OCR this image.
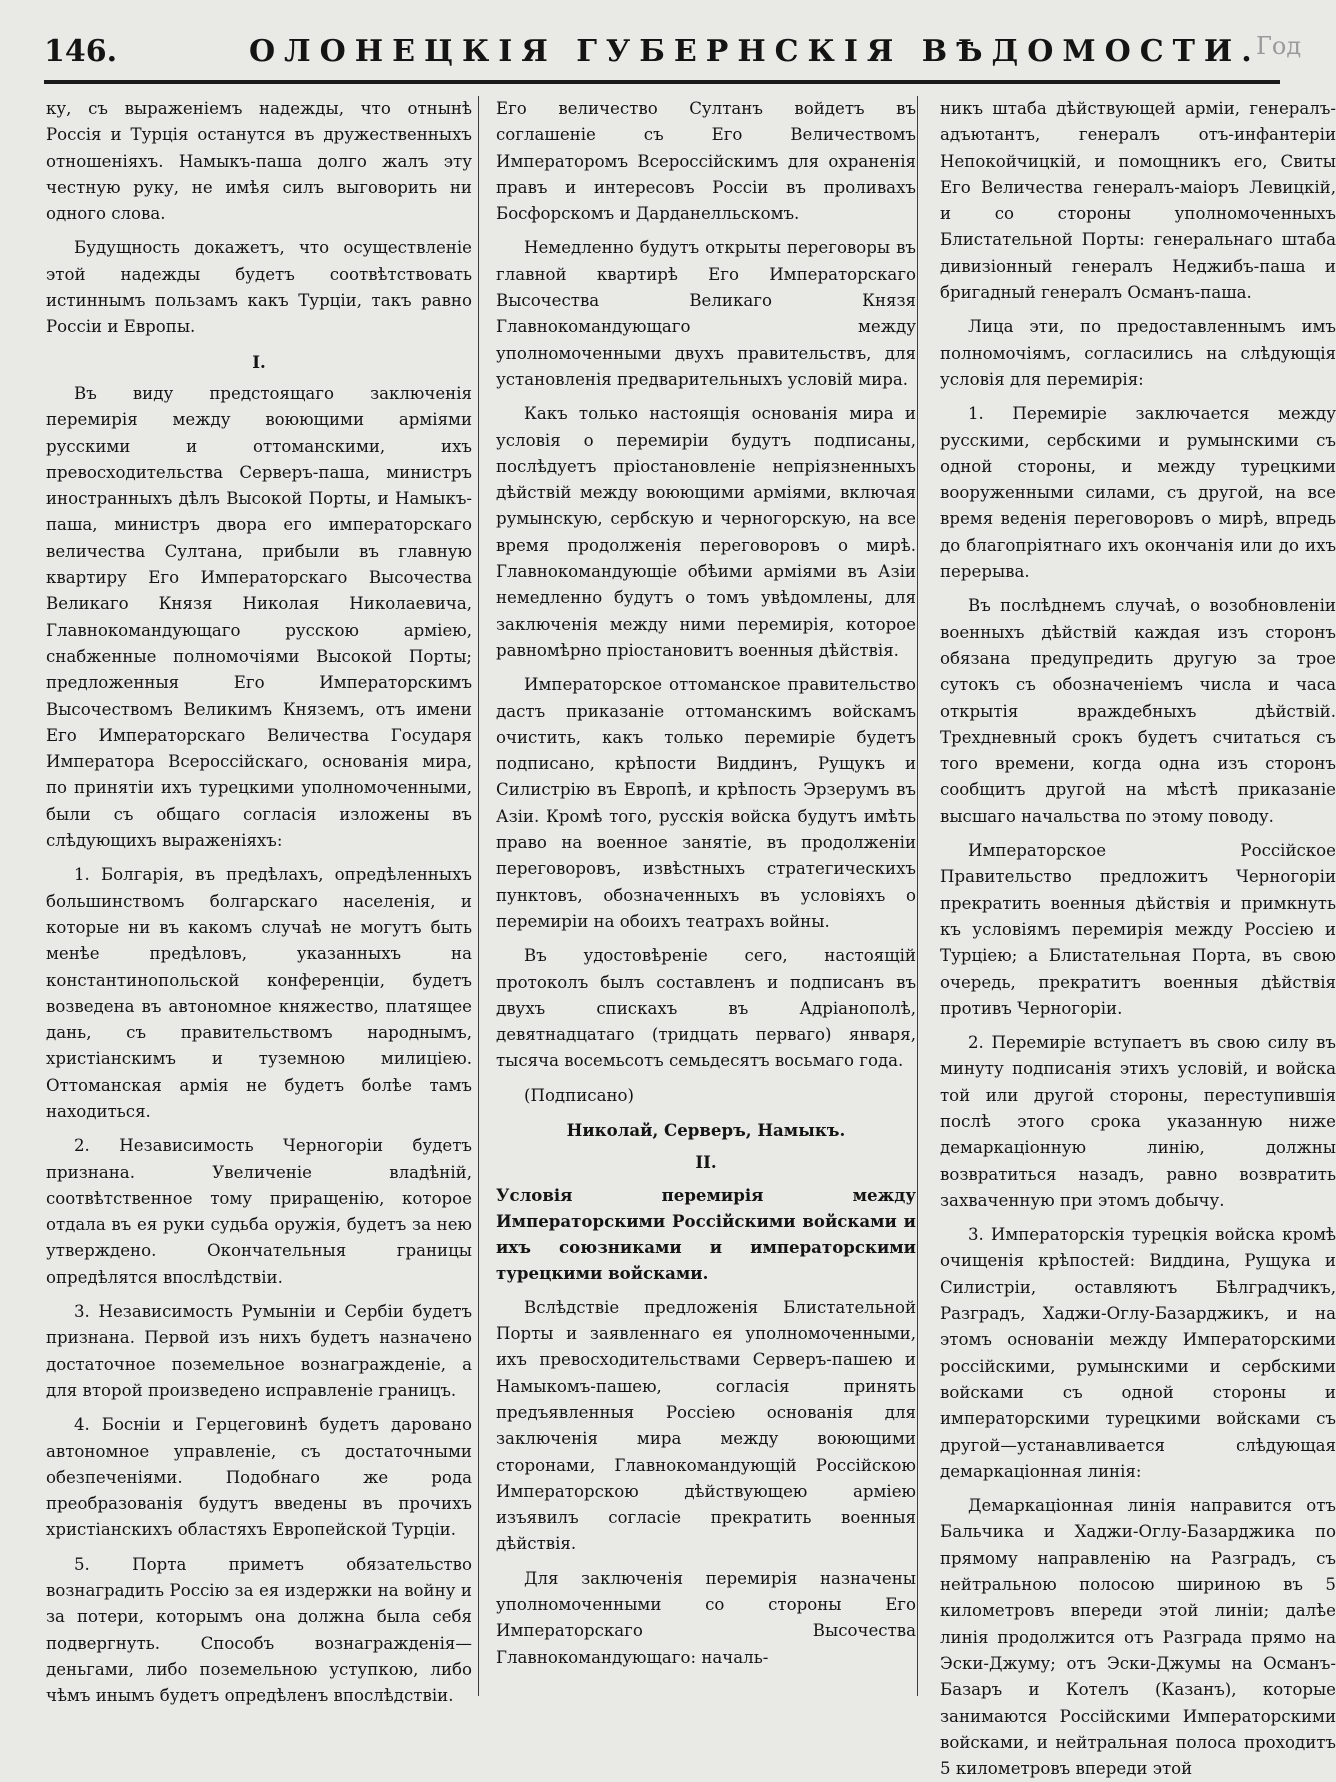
146.	ОЛОНЕЦКІЯ ГУБЕРНСКІЯ ВѢДОМОСТИ.
Год

ку, съ выраженіемъ надежды, что отнынѣ Россія и Турція останутся въ дружественныхъ отношеніяхъ. Намыкъ-паша долго жалъ эту честную руку, не имѣя силъ выговорить ни одного слова.

Будущность докажетъ, что осуществленіе этой надежды будетъ соотвѣтствовать истиннымъ пользамъ какъ Турціи, такъ равно Россіи и Европы.

I.

Въ виду предстоящаго заключенія перемирія между воюющими арміями русскими и оттоманскими, ихъ превосходительства Серверъ-паша, министръ иностранныхъ дѣлъ Высокой Порты, и Намыкъ-паша, министръ двора его императорскаго величества Султана, прибыли въ главную квартиру Его Императорскаго Высочества Великаго Князя Николая Николаевича, Главнокомандующаго русскою арміею, снабженные полномочіями Высокой Порты; предложенныя Его Императорскимъ Высочествомъ Великимъ Княземъ, отъ имени Его Императорскаго Величества Государя Императора Всероссійскаго, основанія мира, по принятіи ихъ турецкими уполномоченными, были съ общаго согласія изложены въ слѣдующихъ выраженіяхъ:

1. Болгарія, въ предѣлахъ, опредѣленныхъ большинствомъ болгарскаго населенія, и которые ни въ какомъ случаѣ не могутъ быть менѣе предѣловъ, указанныхъ на константинопольской конференціи, будетъ возведена въ автономное княжество, платящее дань, съ правительствомъ народнымъ, христіанскимъ и туземною милиціею. Оттоманская армія не будетъ болѣе тамъ находиться.

2. Независимость Черногоріи будетъ признана. Увеличеніе владѣній, соотвѣтственное тому приращенію, которое отдала въ ея руки судьба оружія, будетъ за нею утверждено. Окончательныя границы опредѣлятся впослѣдствіи.

3. Независимость Румыніи и Сербіи будетъ признана. Первой изъ нихъ будетъ назначено достаточное поземельное вознагражденіе, а для второй произведено исправленіе границъ.

4. Босніи и Герцеговинѣ будетъ даровано автономное управленіе, съ достаточными обезпеченіями. Подобнаго же рода преобразованія будутъ введены въ прочихъ христіанскихъ областяхъ Европейской Турціи.

5. Порта приметъ обязательство вознаградить Россію за ея издержки на войну и за потери, которымъ она должна была себя подвергнуть. Способъ вознагражденія—деньгами, либо поземельною уступкою, либо чѣмъ инымъ будетъ опредѣленъ впослѣдствіи.

Его величество Султанъ войдетъ въ соглашеніе съ Его Величествомъ Императоромъ Всероссійскимъ для охраненія правъ и интересовъ Россіи въ проливахъ Босфорскомъ и Дарданелльскомъ.

Немедленно будутъ открыты переговоры въ главной квартирѣ Его Императорскаго Высочества Великаго Князя Главнокомандующаго между уполномоченными двухъ правительствъ, для установленія предварительныхъ условій мира.

Какъ только настоящія основанія мира и условія о перемиріи будутъ подписаны, послѣдуетъ пріостановленіе непріязненныхъ дѣйствій между воюющими арміями, включая румынскую, сербскую и черногорскую, на все время продолженія переговоровъ о мирѣ. Главнокомандующіе обѣими арміями въ Азіи немедленно будутъ о томъ увѣдомлены, для заключенія между ними перемирія, которое равномѣрно пріостановитъ военныя дѣйствія.

Императорское оттоманское правительство дастъ приказаніе оттоманскимъ войскамъ очистить, какъ только перемиріе будетъ подписано, крѣпости Виддинъ, Рущукъ и Силистрію въ Европѣ, и крѣпость Эрзерумъ въ Азіи. Кромѣ того, русскія войска будутъ имѣть право на военное занятіе, въ продолженіи переговоровъ, извѣстныхъ стратегическихъ пунктовъ, обозначенныхъ въ условіяхъ о перемиріи на обоихъ театрахъ войны.

Въ удостовѣреніе сего, настоящій протоколъ былъ составленъ и подписанъ въ двухъ спискахъ въ Адріанополѣ, девятнадцатаго (тридцать перваго) января, тысяча восемьсотъ семьдесятъ восьмаго года.

(Подписано)
Николай, Серверъ, Намыкъ.
II.
Условія перемирія между Императорскими Россійскими войсками и ихъ союзниками и императорскими турецкими войсками.

Вслѣдствіе предложенія Блистательной Порты и заявленнаго ея уполномоченными, ихъ превосходительствами Серверъ-пашею и Намыкомъ-пашею, согласія принять предъявленныя Россіею основанія для заключенія мира между воюющими сторонами, Главнокомандующій Россійскою Императорскою дѣйствующею арміею изъявилъ согласіе прекратить военныя дѣйствія.

Для заключенія перемирія назначены уполномоченными со стороны Его Императорскаго Высочества Главнокомандующаго: началь-

никъ штаба дѣйствующей арміи, генералъ-адъютантъ, генералъ отъ-инфантеріи Непокойчицкій, и помощникъ его, Свиты Его Величества генералъ-маіоръ Левицкій, и со стороны уполномоченныхъ Блистательной Порты: генеральнаго штаба дивизіонный генералъ Неджибъ-паша и бригадный генералъ Османъ-паша.

Лица эти, по предоставленнымъ имъ полномочіямъ, согласились на слѣдующія условія для перемирія:

1. Перемиріе заключается между русскими, сербскими и румынскими съ одной стороны, и между турецкими вооруженными силами, съ другой, на все время веденія переговоровъ о мирѣ, впредь до благопріятнаго ихъ окончанія или до ихъ перерыва.

Въ послѣднемъ случаѣ, о возобновленіи военныхъ дѣйствій каждая изъ сторонъ обязана предупредить другую за трое сутокъ съ обозначеніемъ числа и часа открытія враждебныхъ дѣйствій. Трехдневный срокъ будетъ считаться съ того времени, когда одна изъ сторонъ сообщитъ другой на мѣстѣ приказаніе высшаго начальства по этому поводу.

Императорское Россійское Правительство предложитъ Черногоріи прекратить военныя дѣйствія и примкнуть къ условіямъ перемирія между Россіею и Турціею; а Блистательная Порта, въ свою очередь, прекратитъ военныя дѣйствія противъ Черногоріи.

2. Перемиріе вступаетъ въ свою силу въ минуту подписанія этихъ условій, и войска той или другой стороны, переступившія послѣ этого срока указанную ниже демаркаціонную линію, должны возвратиться назадъ, равно возвратить захваченную при этомъ добычу.

3. Императорскія турецкія войска кромѣ очищенія крѣпостей: Виддина, Рущука и Силистріи, оставляютъ Бѣлградчикъ, Разградъ, Хаджи-Оглу-Базарджикъ, и на этомъ основаніи между Императорскими россійскими, румынскими и сербскими войсками съ одной стороны и императорскими турецкими войсками съ другой—устанавливается слѣдующая демаркаціонная линія:

Демаркаціонная линія направится отъ Бальчика и Хаджи-Оглу-Базарджика по прямому направленію на Разградъ, съ нейтральною полосою шириною въ 5 километровъ впереди этой линіи; далѣе линія продолжится отъ Разграда прямо на Эски-Джуму; отъ Эски-Джумы на Османъ-Базаръ и Котелъ (Казанъ), которые занимаются Россійскими Императорскими войсками, и нейтральная полоса проходитъ 5 километровъ впереди этой
